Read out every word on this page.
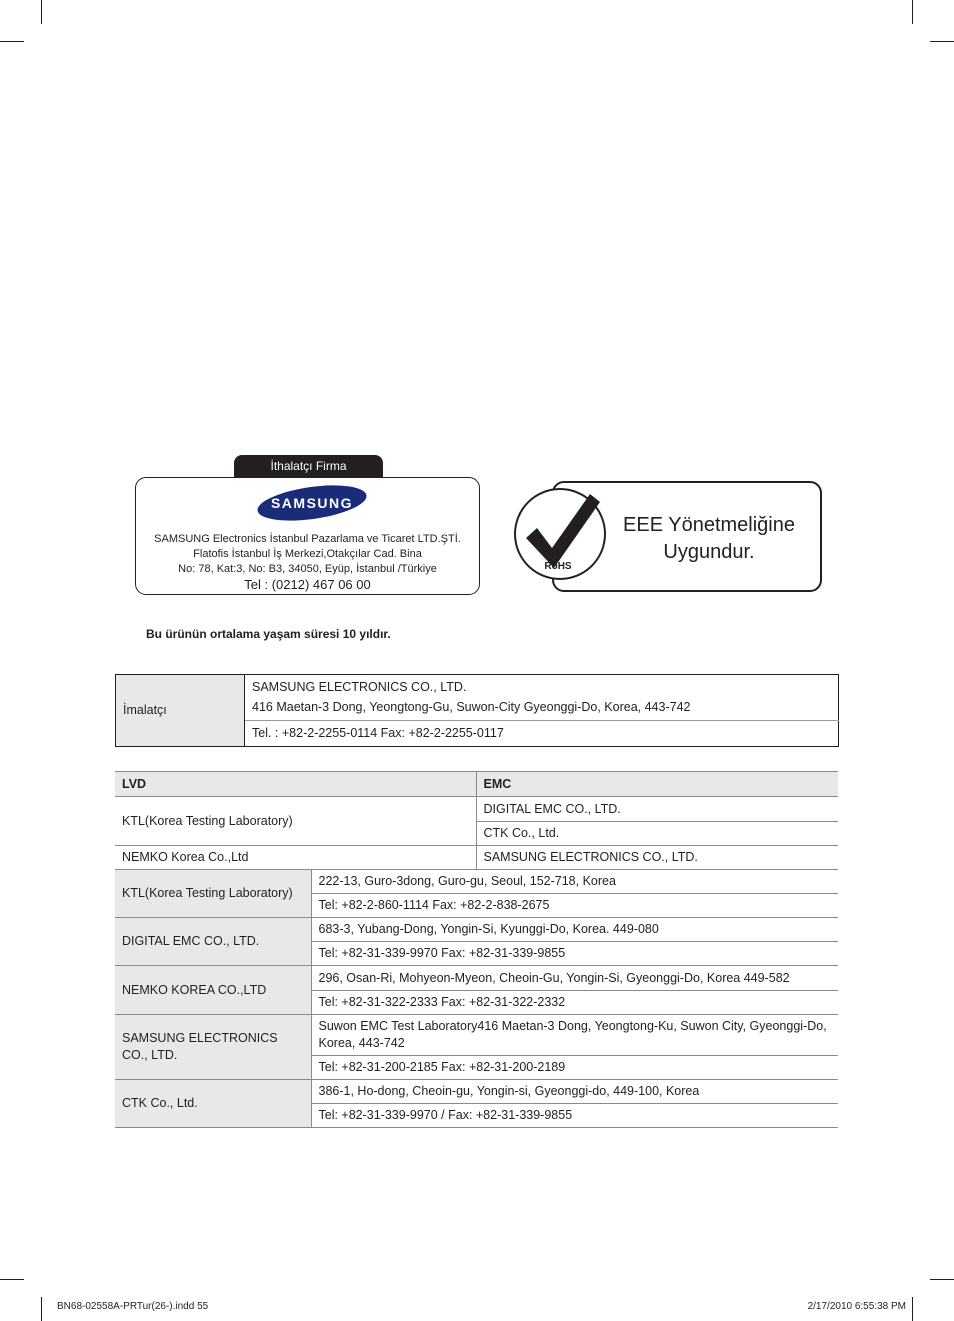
İthalatçı Firma
SAMSUNG
SAMSUNG Electronics İstanbul Pazarlama ve Ticaret LTD.ŞTİ.
Flatofis İstanbul İş Merkezi,Otakçılar Cad. Bina
No: 78, Kat:3, No: B3, 34050, Eyüp, İstanbul /Türkiye
Tel : (0212) 467 06 00
RoHS
EEE Yönetmeliğine
Uygundur.
Bu ürünün ortalama yaşam süresi 10 yıldır.
İmalatçı	
SAMSUNG ELECTRONICS CO., LTD.
416 Maetan-3 Dong, Yeongtong-Gu, Suwon-City Gyeonggi-Do, Korea, 443-742

Tel. : +82-2-2255-0114 Fax: +82-2-2255-0117
LVD		EMC
KTL(Korea Testing Laboratory)		DIGITAL EMC CO., LTD.
		CTK Co., Ltd.
NEMKO Korea Co.,Ltd		
		SAMSUNG ELECTRONICS CO., LTD.
KTL(Korea Testing Laboratory)	222-13, Guro-3dong, Guro-gu, Seoul, 152-718, Korea	
	Tel: +82-2-860-1114 Fax: +82-2-838-2675	
DIGITAL EMC CO., LTD.	683-3, Yubang-Dong, Yongin-Si, Kyunggi-Do, Korea. 449-080	
	Tel: +82-31-339-9970 Fax: +82-31-339-9855	
NEMKO KOREA CO.,LTD	296, Osan-Ri, Mohyeon-Myeon, Cheoin-Gu, Yongin-Si, Gyeonggi-Do, Korea 449-582	
	Tel: +82-31-322-2333 Fax: +82-31-322-2332	
SAMSUNG ELECTRONICS CO., LTD.	Suwon EMC Test Laboratory416 Maetan-3 Dong, Yeongtong-Ku, Suwon City, Gyeonggi-Do, Korea, 443-742	
	Tel: +82-31-200-2185 Fax: +82-31-200-2189	
CTK Co., Ltd.	386-1, Ho-dong, Cheoin-gu, Yongin-si, Gyeonggi-do, 449-100, Korea	
	Tel: +82-31-339-9970 / Fax: +82-31-339-9855	
BN68-02558A-PRTur(26-).indd 55	2/17/2010 6:55:38 PM
